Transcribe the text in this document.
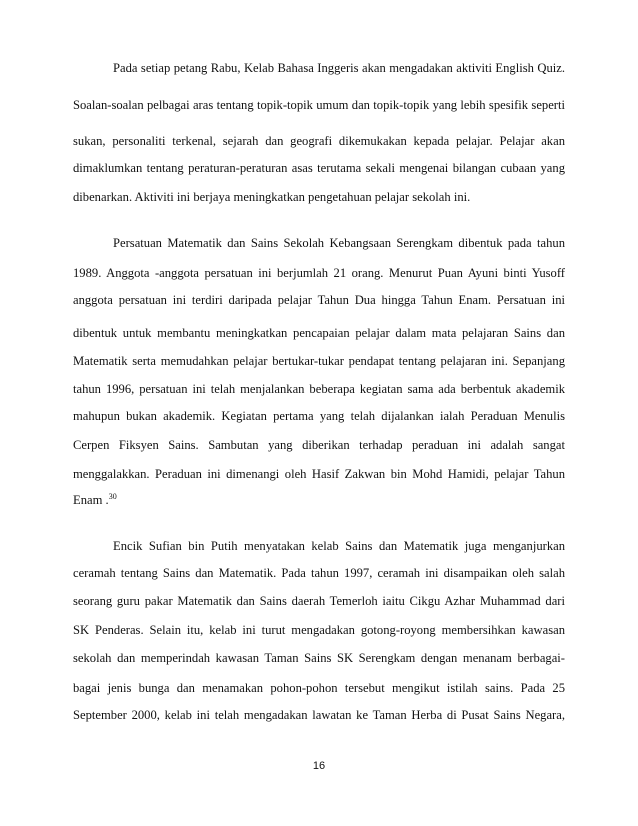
Pada setiap petang Rabu, Kelab Bahasa Inggeris akan mengadakan aktiviti English Quiz.
Soalan-soalan pelbagai aras tentang topik-topik umum dan topik-topik yang lebih spesifik seperti
sukan, personaliti terkenal, sejarah dan geografi dikemukakan kepada pelajar. Pelajar akan
dimaklumkan tentang peraturan-peraturan asas terutama sekali mengenai bilangan cubaan yang
dibenarkan. Aktiviti ini berjaya meningkatkan pengetahuan pelajar sekolah ini.
Persatuan Matematik dan Sains Sekolah Kebangsaan Serengkam dibentuk pada tahun
1989. Anggota -anggota persatuan ini berjumlah 21 orang. Menurut Puan Ayuni binti Yusoff
anggota persatuan ini terdiri daripada pelajar Tahun Dua hingga Tahun Enam. Persatuan ini
dibentuk untuk membantu meningkatkan pencapaian pelajar dalam mata pelajaran Sains dan
Matematik serta memudahkan pelajar bertukar-tukar pendapat tentang pelajaran ini. Sepanjang
tahun 1996, persatuan ini telah menjalankan beberapa kegiatan sama ada berbentuk akademik
mahupun bukan akademik. Kegiatan pertama yang telah dijalankan ialah Peraduan Menulis
Cerpen Fiksyen Sains. Sambutan yang diberikan terhadap peraduan ini adalah sangat
menggalakkan. Peraduan ini dimenangi oleh Hasif Zakwan bin Mohd Hamidi, pelajar Tahun
Enam .$^{30}$
Encik Sufian bin Putih menyatakan kelab Sains dan Matematik juga menganjurkan
ceramah tentang Sains dan Matematik. Pada tahun 1997, ceramah ini disampaikan oleh salah
seorang guru pakar Matematik dan Sains daerah Temerloh iaitu Cikgu Azhar Muhammad dari
SK Penderas. Selain itu, kelab ini turut mengadakan gotong-royong membersihkan kawasan
sekolah dan memperindah kawasan Taman Sains SK Serengkam dengan menanam berbagai-
bagai jenis bunga dan menamakan pohon-pohon tersebut mengikut istilah sains. Pada 25
September 2000, kelab ini telah mengadakan lawatan ke Taman Herba di Pusat Sains Negara,
16
